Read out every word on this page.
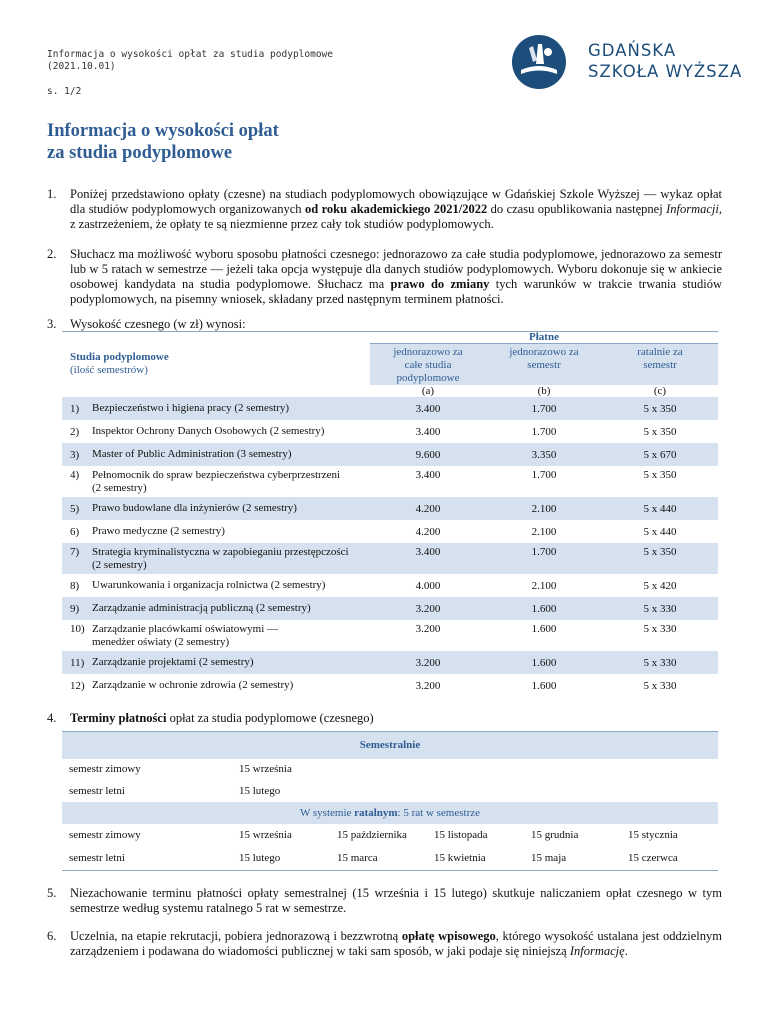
Informacja o wysokości opłat za studia podyplomowe
(2021.10.01)
s. 1/2
GDAŃSKA
SZKOŁA WYŻSZA
Informacja o wysokości opłat
za studia podyplomowe
1. Poniżej przedstawiono opłaty (czesne) na studiach podyplomowych obowiązujące w Gdańskiej Szkole Wyższej — wykaz opłat dla studiów podyplomowych organizowanych od roku akademickiego 2021/2022 do czasu opublikowania następnej Informacji, z zastrzeżeniem, że opłaty te są niezmienne przez cały tok studiów podyplomowych.
2. Słuchacz ma możliwość wyboru sposobu płatności czesnego: jednorazowo za całe studia podyplomowe, jednorazowo za semestr lub w 5 ratach w semestrze — jeżeli taka opcja występuje dla danych studiów podyplomowych. Wyboru dokonuje się w ankiecie osobowej kandydata na studia podyplomowe. Słuchacz ma prawo do zmiany tych warunków w trakcie trwania studiów podyplomowych, na pisemny wniosek, składany przed następnym terminem płatności.
3. Wysokość czesnego (w zł) wynosi:
		Płatne		

Studia podyplomowe
(ilość semestrów)		jednorazowo za całe studia podyplomowe	jednorazowo za semestr	ratalnie za semestr
		(a)	(b)	(c)
1)	Bezpieczeństwo i higiena pracy (2 semestry)	3.400	1.700	5 x 350
2)	Inspektor Ochrony Danych Osobowych (2 semestry)	3.400	1.700	5 x 350
3)	Master of Public Administration (3 semestry)	9.600	3.350	5 x 670
4)	Pełnomocnik do spraw bezpieczeństwa cyberprzestrzeni
(2 semestry)	3.400	1.700	5 x 350
5)	Prawo budowlane dla inżynierów (2 semestry)	4.200	2.100	5 x 440
6)	Prawo medyczne (2 semestry)	4.200	2.100	5 x 440
7)	Strategia kryminalistyczna w zapobieganiu przestępczości
(2 semestry)	3.400	1.700	5 x 350
8)	Uwarunkowania i organizacja rolnictwa (2 semestry)	4.000	2.100	5 x 420
9)	Zarządzanie administracją publiczną (2 semestry)	3.200	1.600	5 x 330
10)	Zarządzanie placówkami oświatowymi —
menedżer oświaty (2 semestry)	3.200	1.600	5 x 330
11)	Zarządzanie projektami (2 semestry)	3.200	1.600	5 x 330
12)	Zarządzanie w ochronie zdrowia (2 semestry)	3.200	1.600	5 x 330
4. Terminy płatności opłat za studia podyplomowe (czesnego)
Semestralnie					
semestr zimowy	15 września				
semestr letni	15 lutego				
W systemie ratalnym: 5 rat w semestrze					
semestr zimowy	15 września	15 października	15 listopada	15 grudnia	15 stycznia
semestr letni	15 lutego	15 marca	15 kwietnia	15 maja	15 czerwca

5. Niezachowanie terminu płatności opłaty semestralnej (15 września i 15 lutego) skutkuje naliczaniem opłat czesnego w tym semestrze według systemu ratalnego 5 rat w semestrze.
6. Uczelnia, na etapie rekrutacji, pobiera jednorazową i bezzwrotną opłatę wpisowego, którego wysokość ustalana jest oddzielnym zarządzeniem i podawana do wiadomości publicznej w taki sam sposób, w jaki podaje się niniejszą Informację.
